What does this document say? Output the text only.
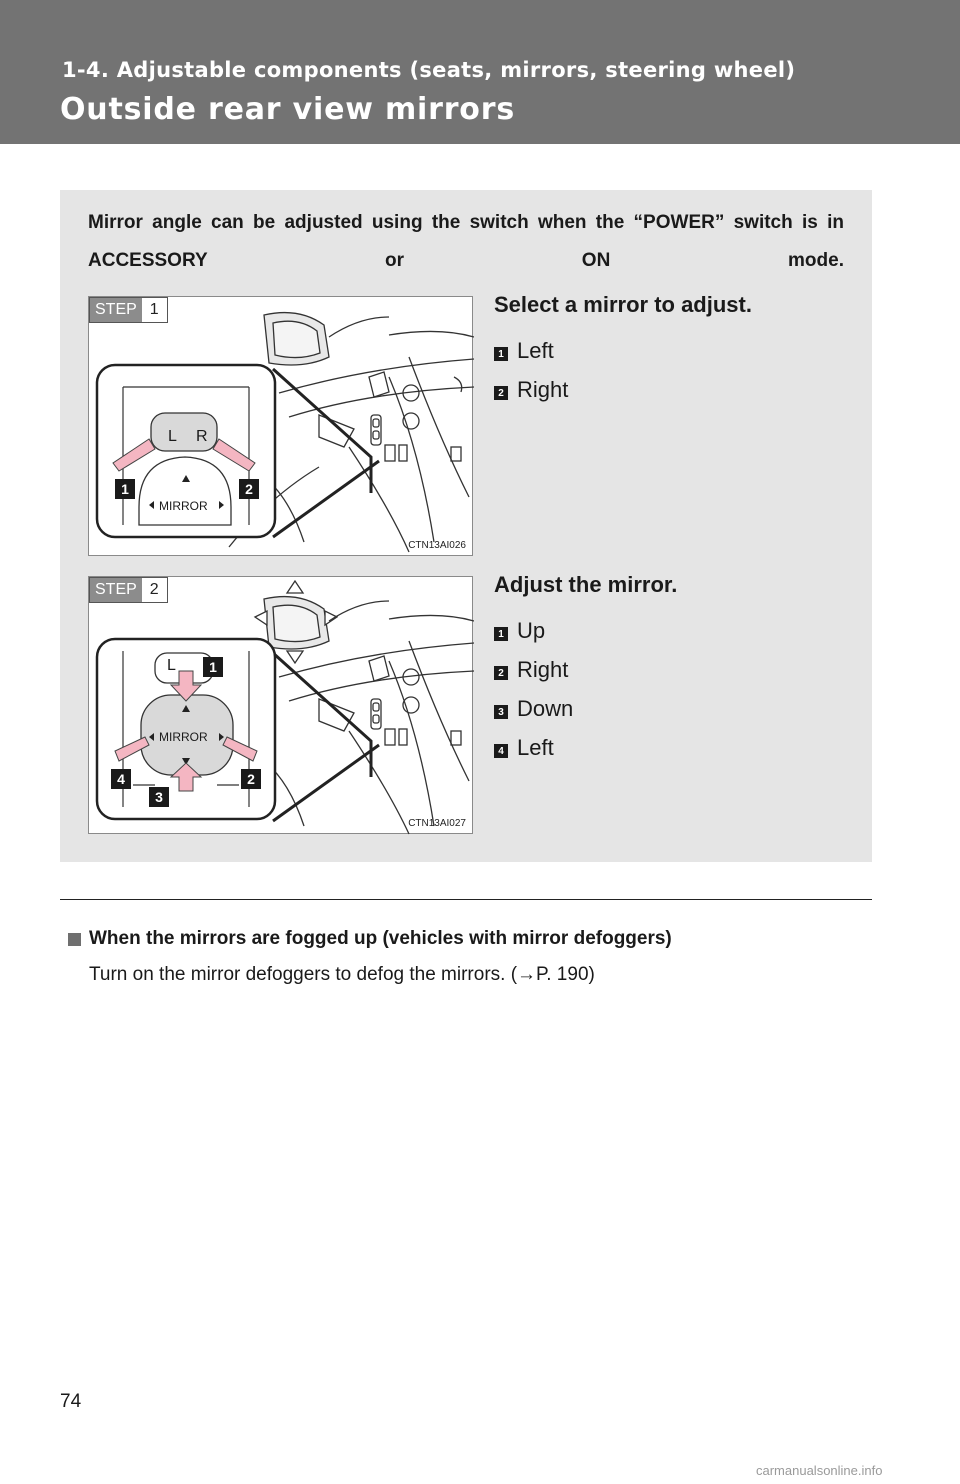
1-4. Adjustable components (seats, mirrors, steering wheel)
Outside rear view mirrors

Mirror angle can be adjusted using the switch when the “POWER” switch is in ACCESSORY or ON mode.

L R
MIRROR
1	2
STEP 1
CTN13AI026
Select a mirror to adjust.
1 Left
2 Right
L
MIRROR
1
2
3
4
STEP 2
CTN13AI027
Adjust the mirror.
1 Up
2 Right
3 Down
4 Left
When the mirrors are fogged up (vehicles with mirror defoggers)

Turn on the mirror defoggers to defog the mirrors. (→P. 190)

74
carmanualsonline.info
